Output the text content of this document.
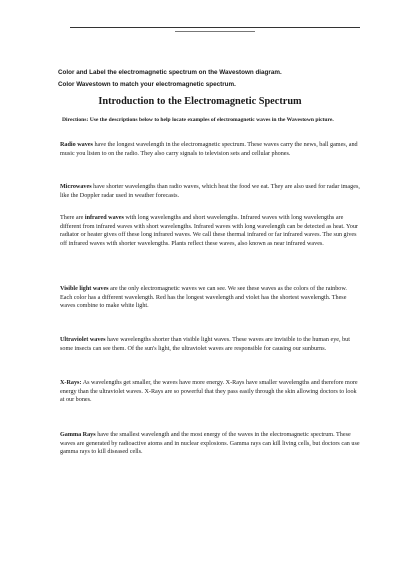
Color and Label the electromagnetic spectrum on the Wavestown diagram.
Color Wavestown to match your electromagnetic spectrum.
Introduction to the Electromagnetic Spectrum
Directions: Use the descriptions below to help locate examples of electromagnetic waves in the Wavestown picture.
Radio waves have the longest wavelength in the electromagnetic spectrum. These waves carry the news, ball games, and music you listen to on the radio. They also carry signals to television sets and cellular phones.
Microwaves have shorter wavelengths than radio waves, which heat the food we eat. They are also used for radar images, like the Doppler radar used in weather forecasts.
There are infrared waves with long wavelengths and short wavelengths. Infrared waves with long wavelengths are different from infrared waves with short wavelengths. Infrared waves with long wavelength can be detected as heat. Your radiator or heater gives off these long infrared waves. We call these thermal infrared or far infrared waves. The sun gives off infrared waves with shorter wavelengths. Plants reflect these waves, also known as near infrared waves.
Visible light waves are the only electromagnetic waves we can see. We see these waves as the colors of the rainbow. Each color has a different wavelength. Red has the longest wavelength and violet has the shortest wavelength. These waves combine to make white light.
Ultraviolet waves have wavelengths shorter than visible light waves. These waves are invisible to the human eye, but some insects can see them. Of the sun's light, the ultraviolet waves are responsible for causing our sunburns.
X-Rays: As wavelengths get smaller, the waves have more energy. X-Rays have smaller wavelengths and therefore more energy than the ultraviolet waves. X-Rays are so powerful that they pass easily through the skin allowing doctors to look at our bones.
Gamma Rays have the smallest wavelength and the most energy of the waves in the electromagnetic spectrum. These waves are generated by radioactive atoms and in nuclear explosions. Gamma rays can kill living cells, but doctors can use gamma rays to kill diseased cells.
